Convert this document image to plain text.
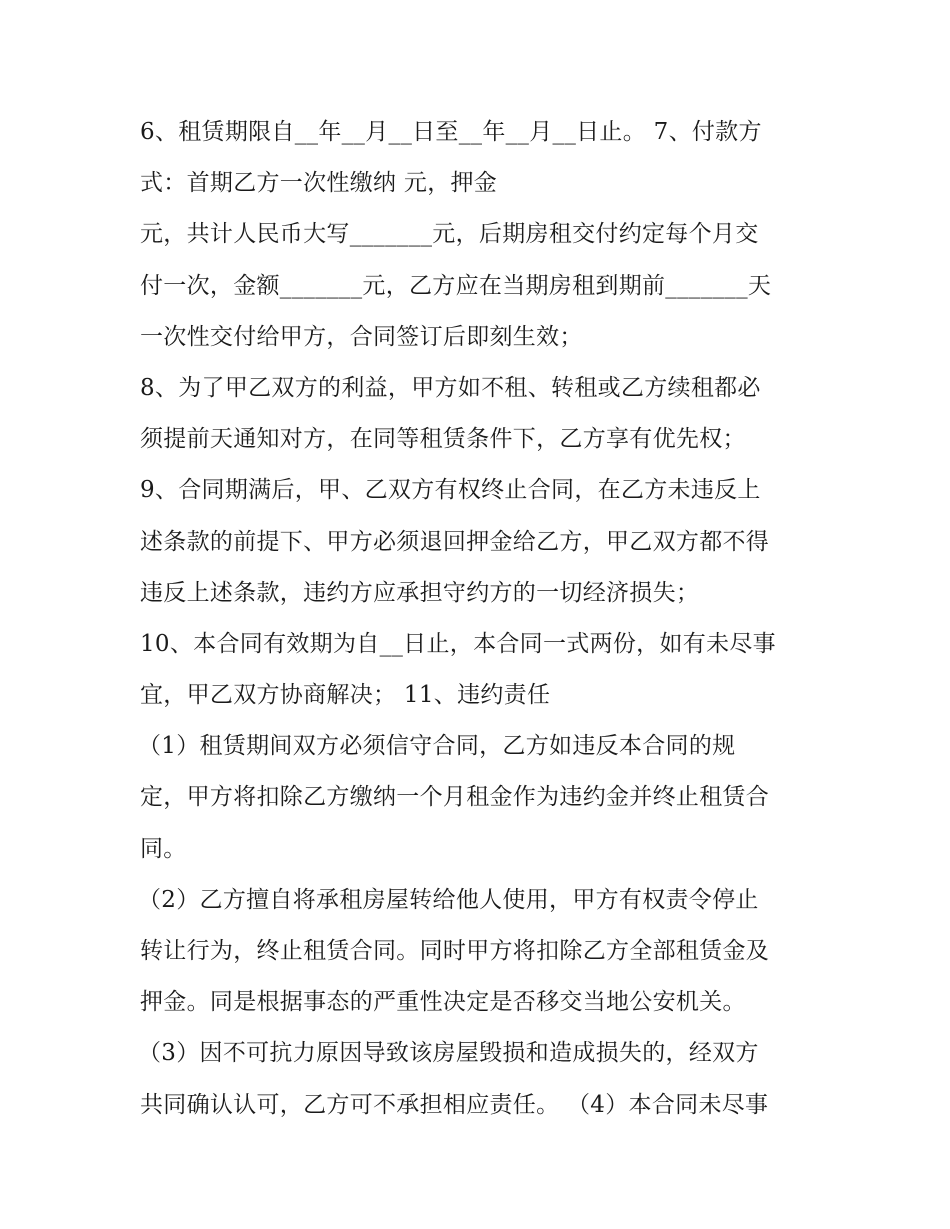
6、租赁期限自__年__月__日至__年__月__日止。 7、付款方
式：首期乙方一次性缴纳 元，押金
元，共计人民币大写_______元，后期房租交付约定每个月交
付一次，金额_______元，乙方应在当期房租到期前_______天
一次性交付给甲方，合同签订后即刻生效；
8、为了甲乙双方的利益，甲方如不租、转租或乙方续租都必
须提前天通知对方，在同等租赁条件下，乙方享有优先权；
9、合同期满后，甲、乙双方有权终止合同，在乙方未违反上
述条款的前提下、甲方必须退回押金给乙方，甲乙双方都不得
违反上述条款，违约方应承担守约方的一切经济损失；
10、本合同有效期为自__日止，本合同一式两份，如有未尽事
宜，甲乙双方协商解决； 11、违约责任
（1）租赁期间双方必须信守合同，乙方如违反本合同的规
定，甲方将扣除乙方缴纳一个月租金作为违约金并终止租赁合
同。
（2）乙方擅自将承租房屋转给他人使用，甲方有权责令停止
转让行为，终止租赁合同。同时甲方将扣除乙方全部租赁金及
押金。同是根据事态的严重性决定是否移交当地公安机关。
（3）因不可抗力原因导致该房屋毁损和造成损失的，经双方
共同确认认可，乙方可不承担相应责任。 （4）本合同未尽事
